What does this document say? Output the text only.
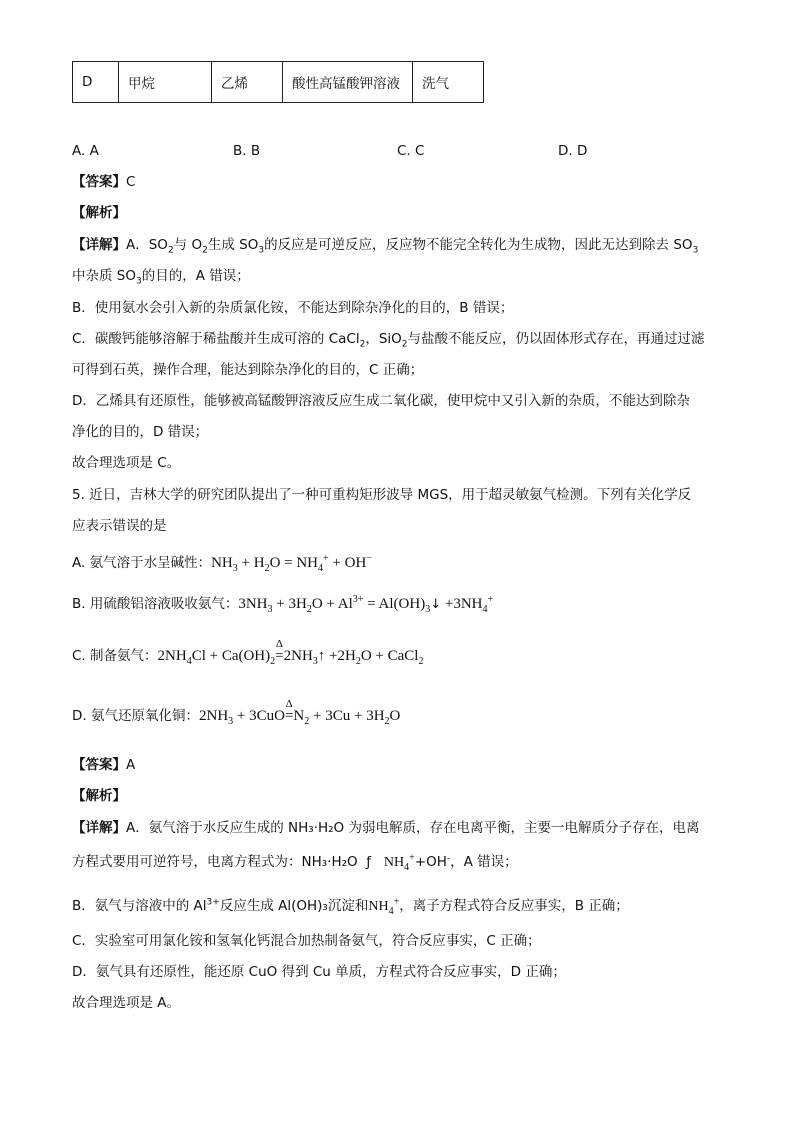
D	甲烷	乙烯	酸性高锰酸钾溶液	洗气
A. A	B. B	C. C	D. D
【答案】C
【解析】
【详解】A．$SO_2$与 $O_2$生成 $SO_3$的反应是可逆反应，反应物不能完全转化为生成物，因此无达到除去 $SO_3$
中杂质 $SO_3$的目的，A 错误；
B．使用氨水会引入新的杂质氯化铵，不能达到除杂净化的目的，B 错误；
C．碳酸钙能够溶解于稀盐酸并生成可溶的 CaCl$_2$，SiO$_2$与盐酸不能反应，仍以固体形式存在，再通过过滤
可得到石英，操作合理，能达到除杂净化的目的，C 正确；
D．乙烯具有还原性，能够被高锰酸钾溶液反应生成二氧化碳，使甲烷中又引入新的杂质，不能达到除杂
净化的目的，D 错误；
故合理选项是 C。
5. 近日，吉林大学的研究团队提出了一种可重构矩形波导 MGS，用于超灵敏氨气检测。下列有关化学反
应表示错误的是
A. 氨气溶于水呈碱性：$NH_3 + H_2O = NH_4^+ + OH^-$
B. 用硫酸铝溶液吸收氨气：$3NH_3 + 3H_2O + Al^{3+}$ = $Al(OH)_3↓ +3NH_4^+$
C. 制备氨气：$2NH_4Cl + Ca(OH)_2=$
Δ
$2NH_3↑ +2H_2O$ + CaCl$_2$
D. 氨气还原氧化铜：$2NH_3 + 3CuO=$
Δ
$N_2 + 3Cu + 3H_2O$
【答案】A
【解析】
【详解】A．氨气溶于水反应生成的 NH₃·H₂O 为弱电解质，存在电离平衡，主要一电解质分子存在，电离
方程式要用可逆符号，电离方程式为：NH₃·H₂O ƒ $NH_4^++OH^-$，A 错误；
B．氨气与溶液中的 $Al^{3+}$反应生成 Al(OH)₃沉淀和$NH_4^+$，离子方程式符合反应事实，B 正确；
C．实验室可用氯化铵和氢氧化钙混合加热制备氨气，符合反应事实，C 正确；
D．氨气具有还原性，能还原 CuO 得到 Cu 单质，方程式符合反应事实，D 正确；
故合理选项是 A。
